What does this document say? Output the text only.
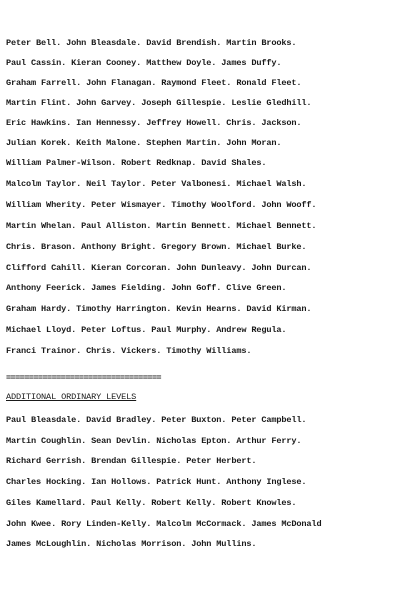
Peter Bell. John Bleasdale. David Brendish. Martin Brooks.
Paul Cassin. Kieran Cooney. Matthew Doyle. James Duffy.
Graham Farrell. John Flanagan. Raymond Fleet. Ronald Fleet.
Martin Flint. John Garvey. Joseph Gillespie. Leslie Gledhill.
Eric Hawkins. Ian Hennessy. Jeffrey Howell. Chris. Jackson.
Julian Korek. Keith Malone. Stephen Martin. John Moran.
William Palmer-Wilson. Robert Redknap. David Shales.
Malcolm Taylor. Neil Taylor. Peter Valbonesi. Michael Walsh.
William Wherity. Peter Wismayer. Timothy Woolford. John Wooff.
Martin Whelan. Paul Alliston. Martin Bennett. Michael Bennett.
Chris. Brason. Anthony Bright. Gregory Brown. Michael Burke.
Clifford Cahill. Kieran Corcoran. John Dunleavy. John Durcan.
Anthony Feerick. James Fielding. John Goff. Clive Green.
Graham Hardy. Timothy Harrington. Kevin Hearns. David Kirman.
Michael Lloyd. Peter Loftus. Paul Murphy. Andrew Regula.
Franci Trainor. Chris. Vickers. Timothy Williams.
==================================
ADDITIONAL ORDINARY LEVELS
Paul Bleasdale. David Bradley. Peter Buxton. Peter Campbell.
Martin Coughlin. Sean Devlin. Nicholas Epton. Arthur Ferry.
Richard Gerrish. Brendan Gillespie. Peter Herbert.
Charles Hocking. Ian Hollows. Patrick Hunt. Anthony Inglese.
Giles Kamellard. Paul Kelly. Robert Kelly. Robert Knowles.
John Kwee. Rory Linden-Kelly. Malcolm McCormack. James McDonald
James McLoughlin. Nicholas Morrison. John Mullins.
